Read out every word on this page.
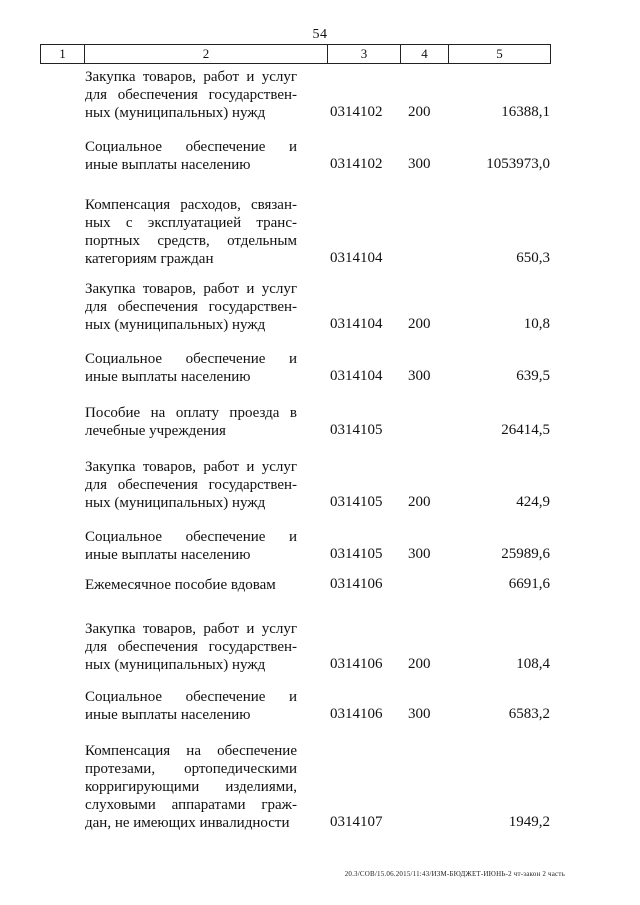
54
1	2	3	4	5
Закупка товаров, работ и услуг
для обеспечения государствен-
ных (муниципальных) нужд	0314102 200	16388,1
Социальное обеспечение и
иные выплаты населению	0314102 300	1053973,0
Компенсация расходов, связан-
ных с эксплуатацией транс-
портных средств, отдельным
категориям граждан	0314104	650,3
Закупка товаров, работ и услуг
для обеспечения государствен-
ных (муниципальных) нужд	0314104 200	10,8
Социальное обеспечение и
иные выплаты населению	0314104 300	639,5
Пособие на оплату проезда в
лечебные учреждения	0314105	26414,5
Закупка товаров, работ и услуг
для обеспечения государствен-
ных (муниципальных) нужд	0314105 200	424,9
Социальное обеспечение и
иные выплаты населению	0314105 300	25989,6
Ежемесячное пособие вдовам	0314106	6691,6
Закупка товаров, работ и услуг
для обеспечения государствен-
ных (муниципальных) нужд	0314106 200	108,4
Социальное обеспечение и
иные выплаты населению	0314106 300	6583,2
Компенсация на обеспечение
протезами, ортопедическими
корригирующими изделиями,
слуховыми аппаратами граж-
дан, не имеющих инвалидности	0314107	1949,2
20.3/СОВ/15.06.2015/11:43/ИЗМ-БЮДЖЕТ-ИЮНЬ-2 чт-закон 2 часть
